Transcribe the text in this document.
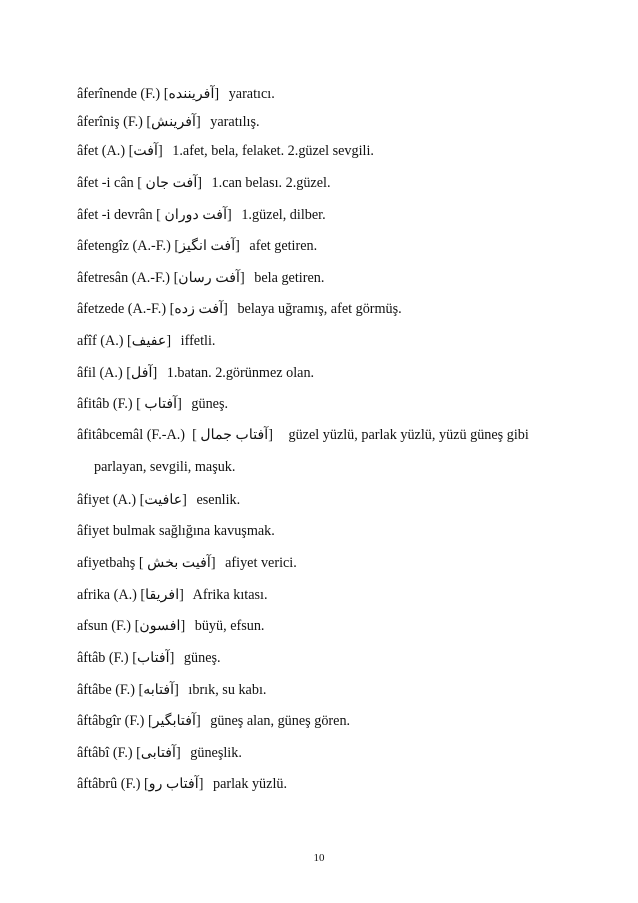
âferînende (F.) [آفريننده] yaratıcı.
âferîniş (F.) [آفرينش] yaratılış.
âfet (A.) [آفت] 1.afet, bela, felaket. 2.güzel sevgili.
âfet -i cân [ آفت جان] 1.can belası. 2.güzel.
âfet -i devrân [ آفت دوران] 1.güzel, dilber.
âfetengîz (A.-F.) [آفت انگيز] afet getiren.
âfetresân (A.-F.) [آفت رسان] bela getiren.
âfetzede (A.-F.) [آفت زده] belaya uğramış, afet görmüş.
afîf (A.) [عفيف] iffetli.
âfil (A.) [آفل] 1.batan. 2.görünmez olan.
âfitâb (F.) [ آفتاب] güneş.
âfitâbcemâl (F.-A.)  [ آفتاب جمال] güzel yüzlü, parlak yüzlü, yüzü güneş gibi
parlayan, sevgili, maşuk.
âfiyet (A.) [عافيت] esenlik.
âfiyet bulmak sağlığına kavuşmak.
afiyetbahş [ آفيت بخش] afiyet verici.
afrika (A.) [افريقا] Afrika kıtası.
afsun (F.) [افسون] büyü, efsun.
âftâb (F.) [آفتاب] güneş.
âftâbe (F.) [آفتابه] ıbrık, su kabı.
âftâbgîr (F.) [آفتابگير] güneş alan, güneş gören.
âftâbî (F.) [آفتابی] güneşlik.
âftâbrû (F.) [آفتاب رو] parlak yüzlü.
10
